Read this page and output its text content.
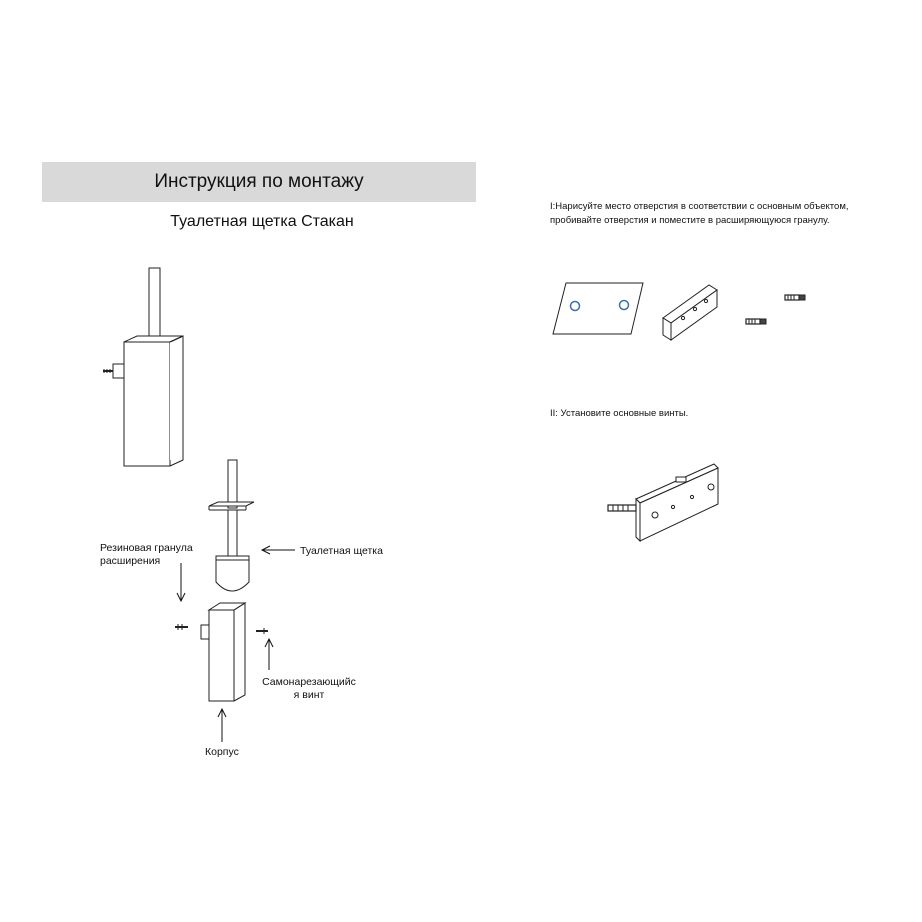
Инструкция по монтажу
Туалетная щетка Стакан
Резиновая гранула
расширения
Туалетная щетка
Самонарезающийс
я винт
Корпус
I:Нарисуйте место отверстия в соответствии с основным объектом,
пробивайте отверстия и поместите в расширяющуюся гранулу.
II: Установите основные винты.
